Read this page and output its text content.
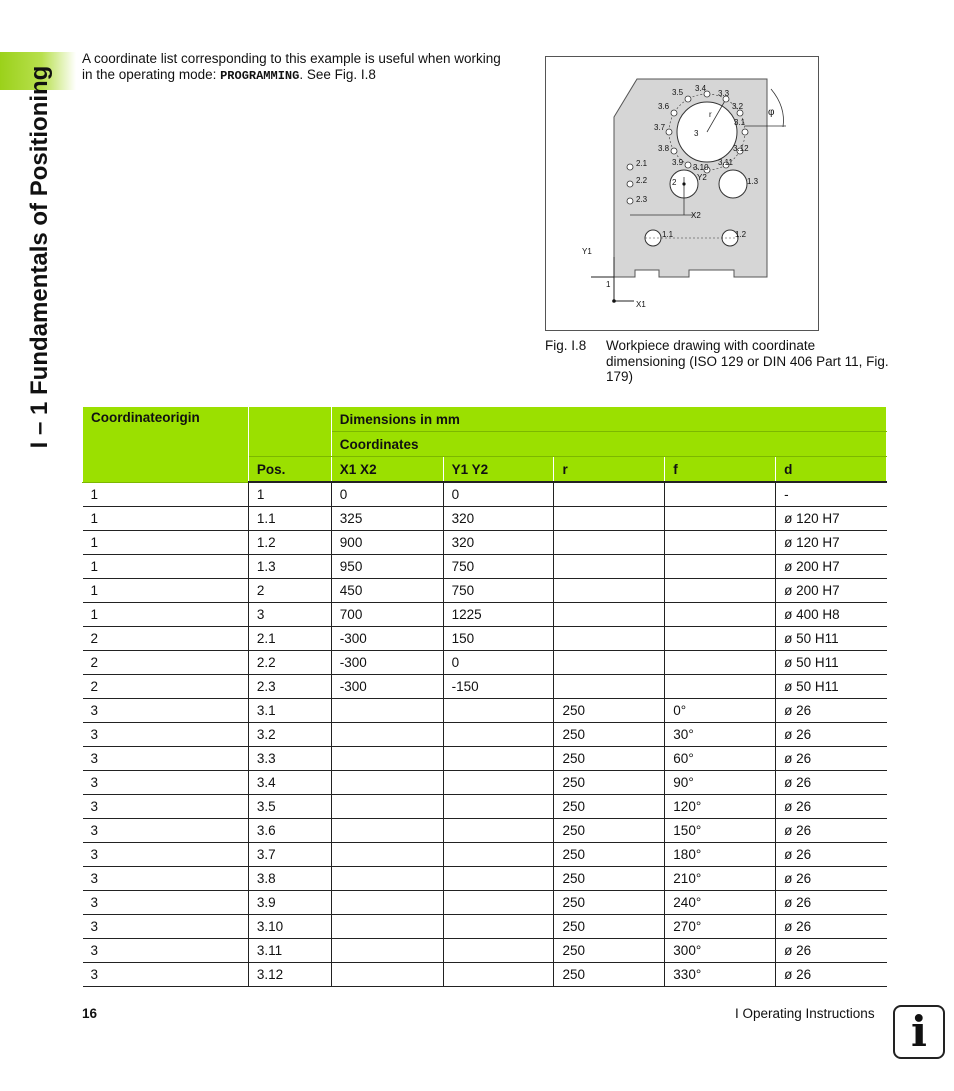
I – 1 Fundamentals of Positioning
A coordinate list corresponding to this example is useful when working in the operating mode: PROGRAMMING. See Fig. I.8
1
X1
Y1
r
3
3.1
3.2
3.3
3.4
3.5
3.6
3.7
3.8
3.9
3.10
3.11
3.12
φ
2
Y2
X2
1.3
2.1
2.2
2.3
1.1	1.2
Fig. I.8 Workpiece drawing with coordinate dimensioning (ISO 129 or DIN 406 Part 11, Fig. 179)
Coordinateorigin		Dimensions in mm				
		Coordinates				
	Pos.	X1 X2	Y1 Y2	r	f	d
1	1	0	0			-
1	1.1	325	320			ø 120 H7
1	1.2	900	320			ø 120 H7
1	1.3	950	750			ø 200 H7
1	2	450	750			ø 200 H7
1	3	700	1225			ø 400 H8
2	2.1	-300	150			ø 50 H11
2	2.2	-300	0			ø 50 H11
2	2.3	-300	-150			ø 50 H11
3	3.1			250	0°	ø 26
3	3.2			250	30°	ø 26
3	3.3			250	60°	ø 26
3	3.4			250	90°	ø 26
3	3.5			250	120°	ø 26
3	3.6			250	150°	ø 26
3	3.7			250	180°	ø 26
3	3.8			250	210°	ø 26
3	3.9			250	240°	ø 26
3	3.10			250	270°	ø 26
3	3.11			250	300°	ø 26
3	3.12			250	330°	ø 26
16	I Operating Instructions i
